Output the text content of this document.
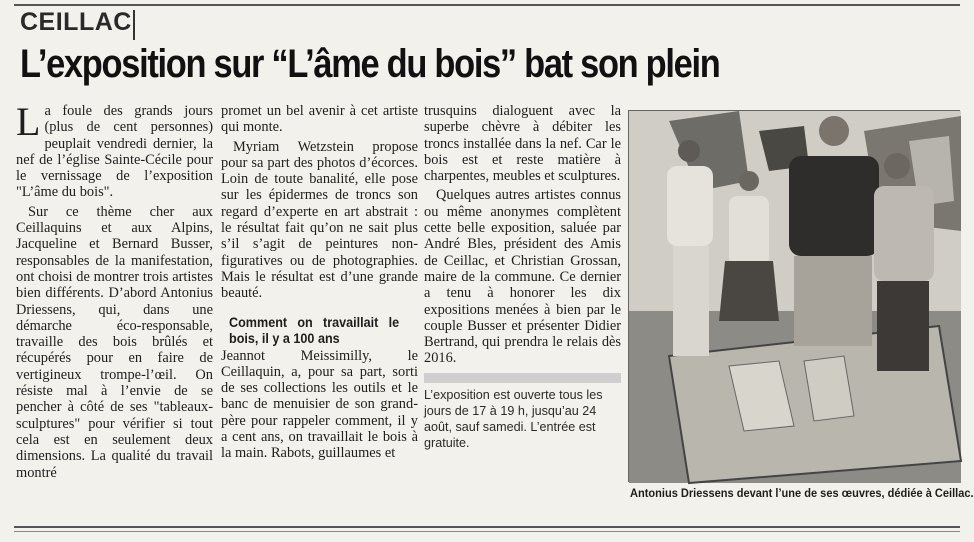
CEILLAC
L’exposition sur “L’âme du bois” bat son plein

La foule des grands jours (plus de cent personnes) peuplait vendredi dernier, la nef de l’église Sainte-Cécile pour le vernissage de l’exposition "L’âme du bois".

Sur ce thème cher aux Ceillaquins et aux Alpins, Jacqueline et Bernard Busser, responsables de la manifestation, ont choisi de montrer trois artistes bien différents. D’abord Antonius Driessens, qui, dans une démarche éco-responsable, travaille des bois brûlés et récupérés pour en faire de vertigineux trompe-l’œil. On résiste mal à l’envie de se pencher à côté de ses "tableaux-sculptures" pour vérifier si tout cela est en seulement deux dimensions. La qualité du travail montré

promet un bel avenir à cet artiste qui monte.

Myriam Wetzstein propose pour sa part des photos d’écorces. Loin de toute banalité, elle pose sur les épidermes de troncs son regard d’experte en art abstrait : le résultat fait qu’on ne sait plus s’il s’agit de peintures non-figuratives ou de photographies. Mais le résultat est d’une grande beauté.

Comment on travaillait le bois, il y a 100 ans

Jeannot Meissimilly, le Ceillaquin, a, pour sa part, sorti de ses collections les outils et le banc de menuisier de son grand-père pour rappeler comment, il y a cent ans, on travaillait le bois à la main. Rabots, guillaumes et

trusquins dialoguent avec la superbe chèvre à débiter les troncs installée dans la nef. Car le bois est et reste matière à charpentes, meubles et sculptures.

Quelques autres artistes connus ou même anonymes complètent cette belle exposition, saluée par André Bles, président des Amis de Ceillac, et Christian Grossan, maire de la commune. Ce dernier a tenu à honorer les dix expositions menées à bien par le couple Busser et présenter Didier Bertrand, qui prendra le relais dès 2016.

L’exposition est ouverte tous les jours de 17 à 19 h, jusqu’au 24 août, sauf samedi. L’entrée est gratuite.
Antonius Driessens devant l’une de ses œuvres, dédiée à Ceillac.
